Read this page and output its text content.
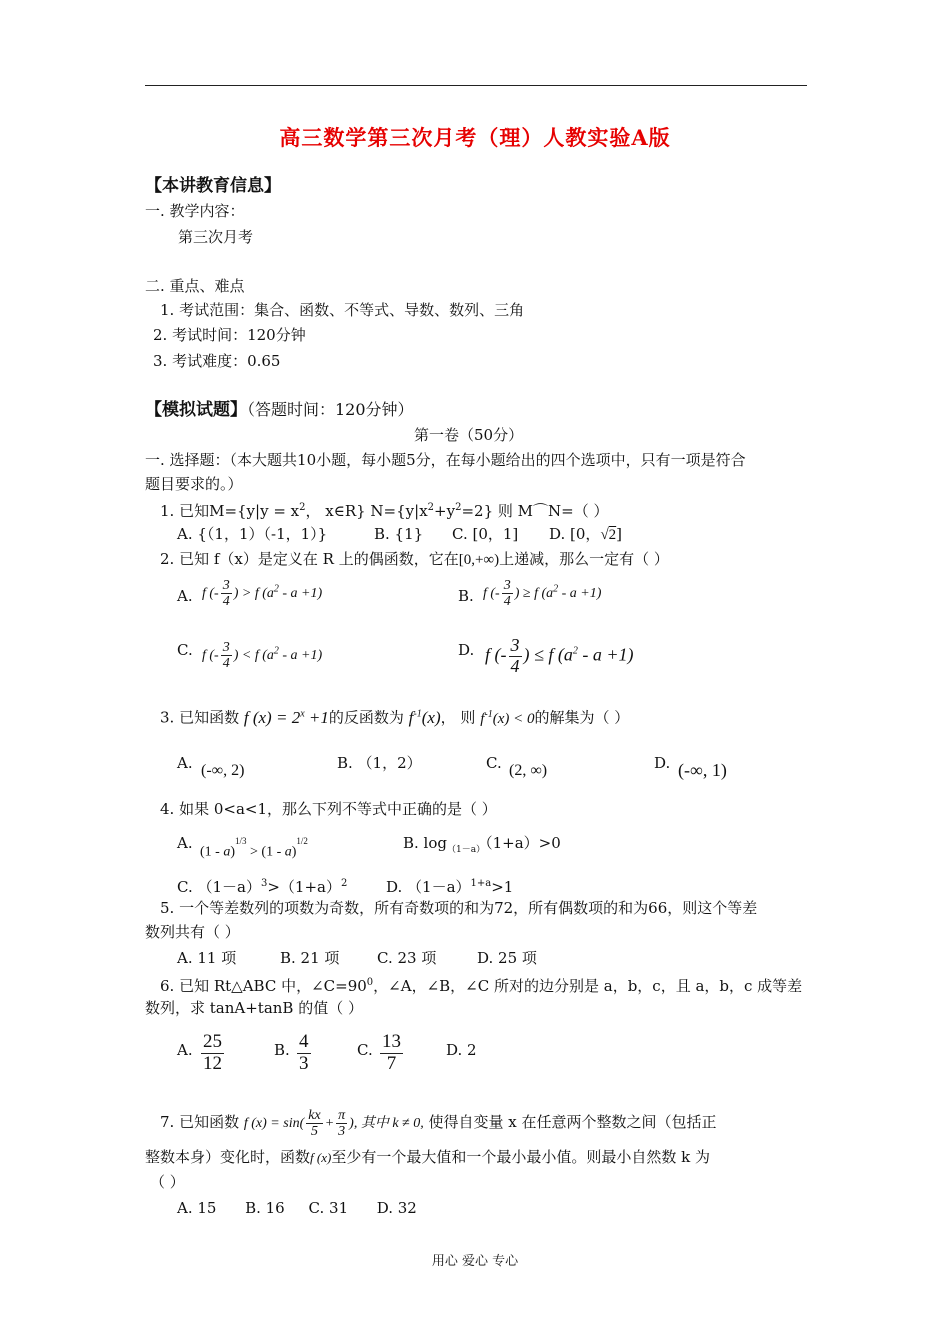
高三数学第三次月考（理）人教实验A版
【本讲教育信息】
一. 教学内容：
第三次月考
二. 重点、难点
1. 考试范围：集合、函数、不等式、导数、数列、三角
2. 考试时间：120分钟
3. 考试难度：0.65
【模拟试题】（答题时间：120分钟）
第一卷（50分）
一. 选择题：（本大题共10小题，每小题5分，在每小题给出的四个选项中，只有一项是符合
题目要求的。）
1. 已知$M=\{y|y = x^2$， x∈R} $N=\{y|x^2+y^2=2\}$ 则 M⌒N=（ ）
A. {（1，1）（-1，1）}	B. {1} C. [0，1] D. [0，√2]
2. 已知 f（x）是定义在 R 上的偶函数，它在[0,+∞)上递减，那么一定有（ ）
A. f (- $\frac{3}{4}$ ) > f $(a^2 - a +1)$	B. f (- $\frac{3}{4}$ ) ≥ f $(a^2 - a +1)$
C. f (- $\frac{3}{4}$ ) < f $(a^2 - a +1)$	D. f (- $\frac{3}{4}$ ) ≤ f $(a^2 - a +1)$
3. 已知函数 f $(x) = 2^x +1$的反函数为 $f^{-1}(x)$， 则 $f^{-1}(x) < 0$的解集为（ ）
A. (-∞, 2)	B. （1，2）	C. (2, ∞)	D. (-∞, 1)
4. 如果 0<a<1，那么下列不等式中正确的是（ ）
A.
(1 - a)$^{1/3}$ > (1 - a)$^{1/2}$	B. $\log_{(1-a)}(1+a)>0$
C. $(1-a)^3>(1+a)^2$	D. $(1-a)^{1+a}>1$
5. 一个等差数列的项数为奇数，所有奇数项的和为72，所有偶数项的和为66，则这个等差
数列共有（ ）
A. 11 项	B. 21 项	C. 23 项	D. 25 项
6. 已知 Rt△ABC 中，$\angle C=90^0$，∠A，∠B，∠C 所对的边分别是 a，b，c，且 a，b，c 成等差
数列，求 tanA+tanB 的值（ ）
A. $\frac{25}{12}$	B. $\frac{4}{3}$	C. $\frac{13}{7}$	D. 2
7. 已知函数 f $(x) = \sin( \frac{kx}{5} + \frac{\pi}{3}$ ), 其中 k ≠ 0, 使得自变量 x 在任意两个整数之间（包括正
整数本身）变化时，函数f (x)至少有一个最大值和一个最小最小值。则最小自然数 k 为
（ ）
A. 15      B. 16     C. 31      D. 32
用心 爱心 专心
